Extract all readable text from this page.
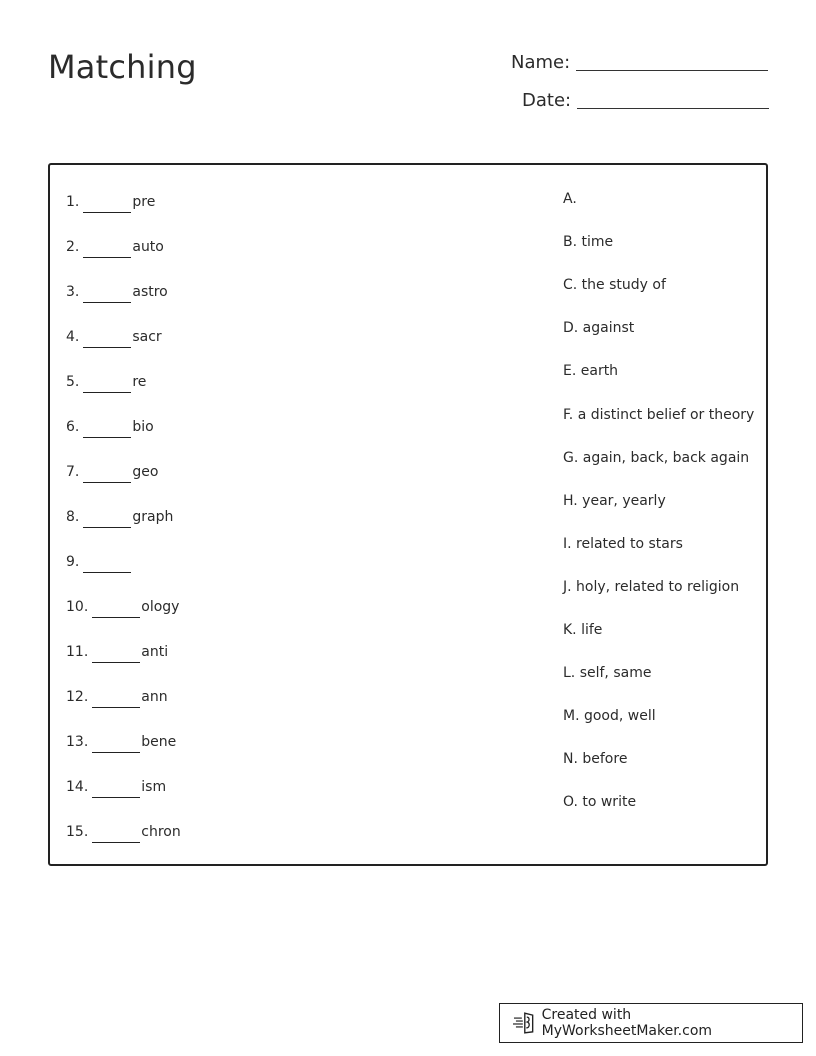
Matching	Name:
Date:
1.	pre
2.	auto
3.	astro
4.	sacr
5.	re
6.	bio
7.	geo
8.	graph
9.
10.	ology
11.	anti
12.	ann
13.	bene
14.	ism
15.	chron
A.
B. time
C. the study of
D. against
E. earth
F. a distinct belief or theory
G. again, back, back again
H. year, yearly
I. related to stars
J. holy, related to religion
K. life
L. self, same
M. good, well
N. before
O. to write
Created with MyWorksheetMaker.com
